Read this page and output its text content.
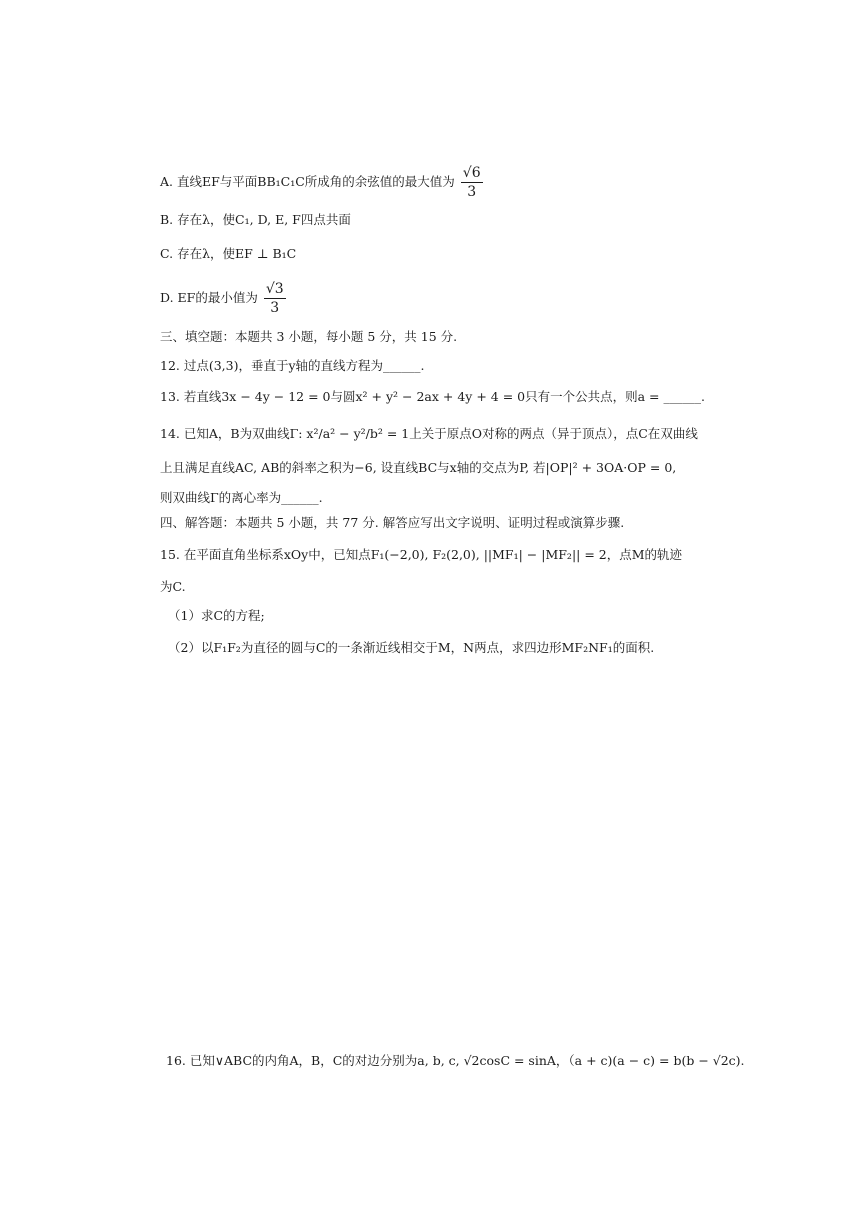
A. 直线EF与平面BB₁C₁C所成角的余弦值的最大值为 $\frac{√6}{3}$
B. 存在λ，使C₁, D, E, F四点共面
C. 存在λ，使EF ⊥ B₁C
D. EF的最小值为 $\frac{√3}{3}$
三、填空题：本题共 3 小题，每小题 5 分，共 15 分.
12. 过点(3,3)，垂直于y轴的直线方程为______.
13. 若直线3x − 4y − 12 = 0与圆x² + y² − 2ax + 4y + 4 = 0只有一个公共点，则a = ______.
14. 已知A，B为双曲线Γ: x²/a² − y²/b² = 1上关于原点O对称的两点（异于顶点），点C在双曲线
上且满足直线AC, AB的斜率之积为−6, 设直线BC与x轴的交点为P, 若|OP|² + 3OA·OP = 0,
则双曲线Γ的离心率为______.
四、解答题：本题共 5 小题，共 77 分. 解答应写出文字说明、证明过程或演算步骤.
15. 在平面直角坐标系xOy中，已知点F₁(−2,0), F₂(2,0), ||MF₁| − |MF₂|| = 2，点M的轨迹
为C.
（1）求C的方程;
（2）以F₁F₂为直径的圆与C的一条渐近线相交于M，N两点，求四边形MF₂NF₁的面积.
16. 已知∨ABC的内角A，B，C的对边分别为a, b, c, √2cosC = sinA，（a + c)(a − c) = b(b − √2c).
